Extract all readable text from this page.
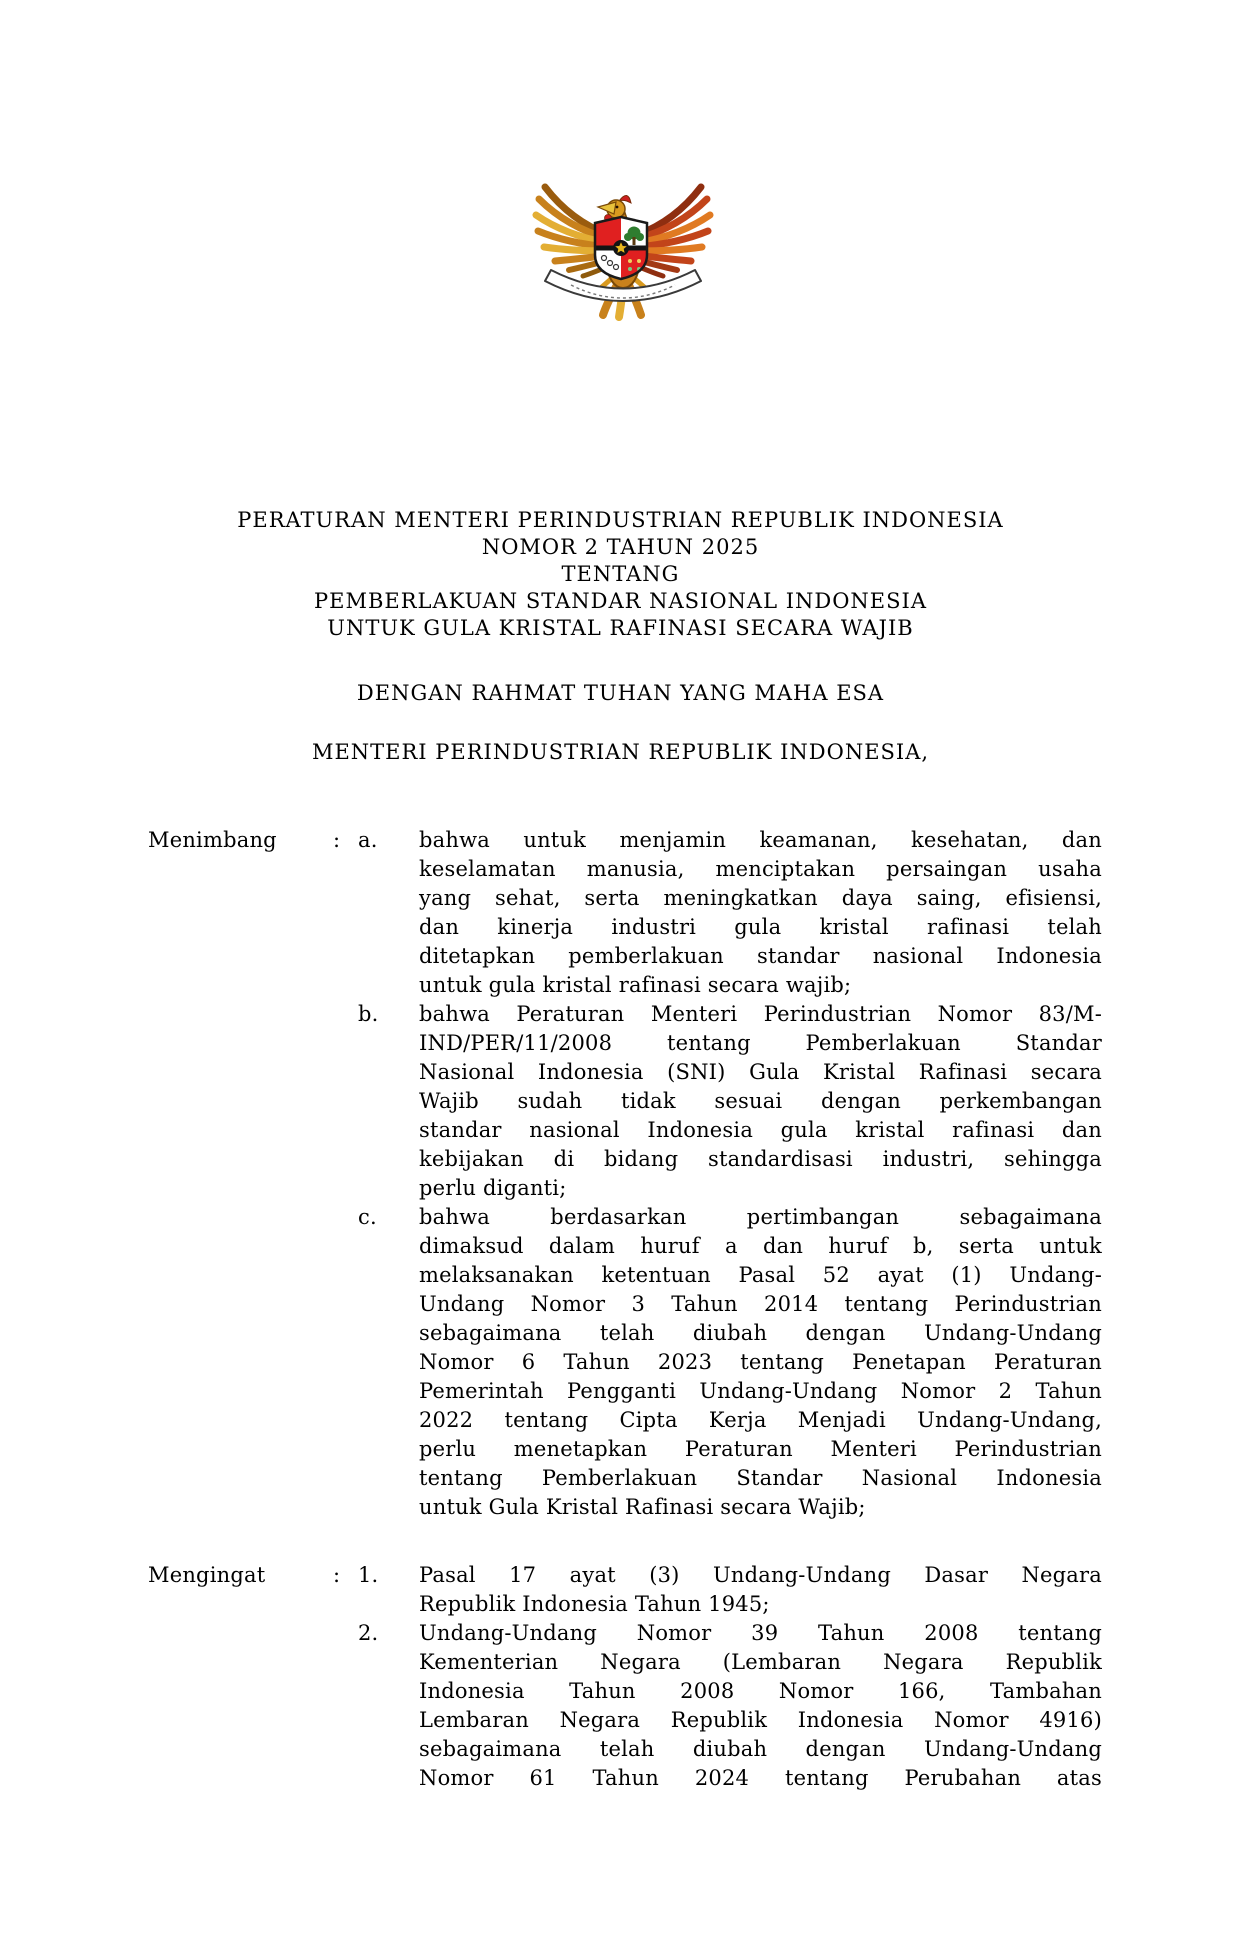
PERATURAN MENTERI PERINDUSTRIAN REPUBLIK INDONESIA
NOMOR 2 TAHUN 2025
TENTANG
PEMBERLAKUAN STANDAR NASIONAL INDONESIA
UNTUK GULA KRISTAL RAFINASI SECARA WAJIB
DENGAN RAHMAT TUHAN YANG MAHA ESA
MENTERI PERINDUSTRIAN REPUBLIK INDONESIA,
Menimbang	: a.	bahwa untuk menjamin keamanan, kesehatan, dan
keselamatan manusia, menciptakan persaingan usaha
yang sehat, serta meningkatkan daya saing, efisiensi,
dan kinerja industri gula kristal rafinasi telah
ditetapkan pemberlakuan standar nasional Indonesia
untuk gula kristal rafinasi secara wajib;
b.	bahwa Peraturan Menteri Perindustrian Nomor 83/M-
IND/PER/11/2008 tentang Pemberlakuan Standar
Nasional Indonesia (SNI) Gula Kristal Rafinasi secara
Wajib sudah tidak sesuai dengan perkembangan
standar nasional Indonesia gula kristal rafinasi dan
kebijakan di bidang standardisasi industri, sehingga
perlu diganti;
c.	bahwa berdasarkan pertimbangan sebagaimana
dimaksud dalam huruf a dan huruf b, serta untuk
melaksanakan ketentuan Pasal 52 ayat (1) Undang-
Undang Nomor 3 Tahun 2014 tentang Perindustrian
sebagaimana telah diubah dengan Undang-Undang
Nomor 6 Tahun 2023 tentang Penetapan Peraturan
Pemerintah Pengganti Undang-Undang Nomor 2 Tahun
2022 tentang Cipta Kerja Menjadi Undang-Undang,
perlu menetapkan Peraturan Menteri Perindustrian
tentang Pemberlakuan Standar Nasional Indonesia
untuk Gula Kristal Rafinasi secara Wajib;
Mengingat	: 1.	Pasal 17 ayat (3) Undang-Undang Dasar Negara
Republik Indonesia Tahun 1945;
2.	Undang-Undang Nomor 39 Tahun 2008 tentang
Kementerian Negara (Lembaran Negara Republik
Indonesia Tahun 2008 Nomor 166, Tambahan
Lembaran Negara Republik Indonesia Nomor 4916)
sebagaimana telah diubah dengan Undang-Undang
Nomor 61 Tahun 2024 tentang Perubahan atas
